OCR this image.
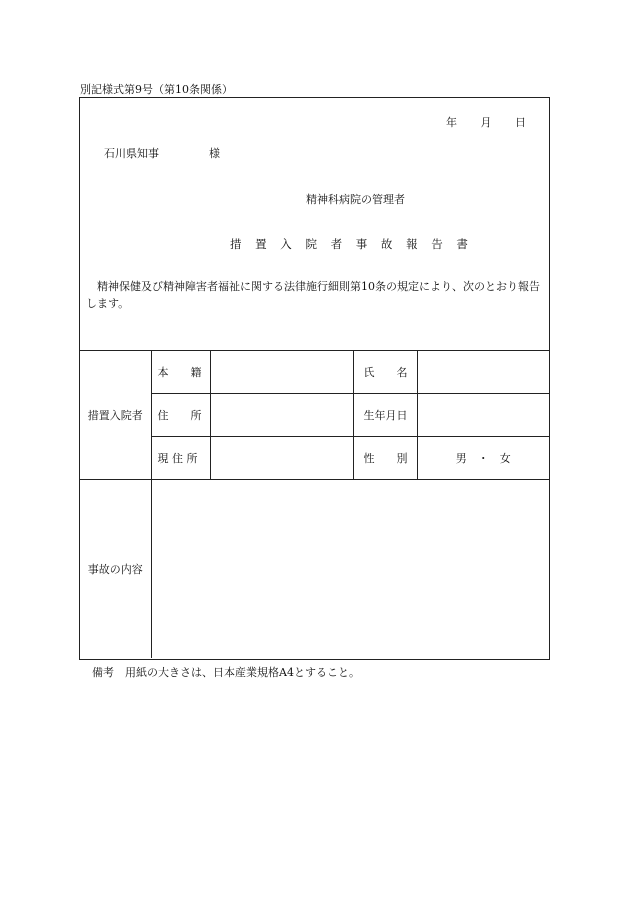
別記様式第9号（第10条関係）
年 月 日
石川県知事	様
精神科病院の管理者
措 置 入 院 者 事 故 報 告 書
精神保健及び精神障害者福祉に関する法律施行細則第10条の規定により、次のとおり報告します。
措置入院者	本　　籍		氏　　名	
	住　　所		生年月日	
	現 住 所		性　　別	男　・　女
事故の内容				
備考　用紙の大きさは、日本産業規格A4とすること。
